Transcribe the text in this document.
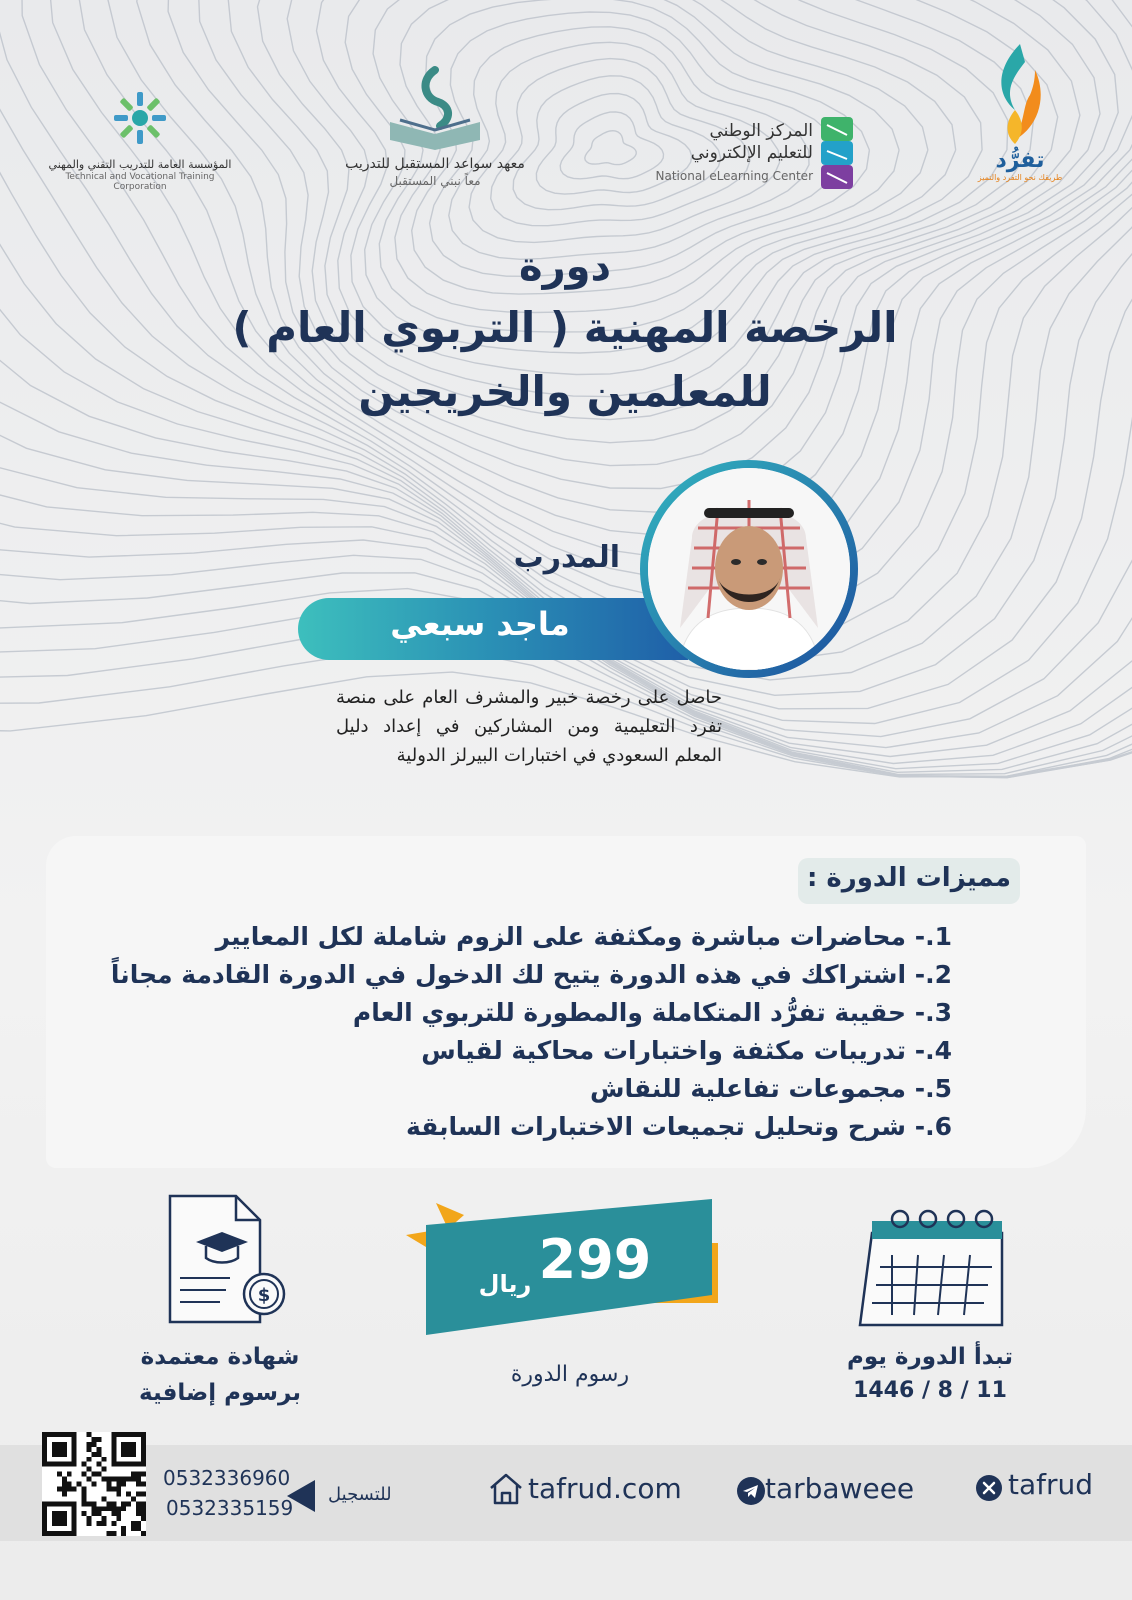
تفرُّد
طريقك نحو التفرد والتميز
المركز الوطني
للتعليم الإلكتروني
National eLearning Center
معهد سواعد المستقبل للتدريب
معاً نبني المستقبل
المؤسسة العامة للتدريب التقني والمهني
Technical and Vocational Training Corporation
دورة
الرخصة المهنية ( التربوي العام )
للمعلمين والخريجين
المدرب
ماجد سبعي
حاصل على رخصة خبير والمشرف العام على منصة تفرد التعليمية ومن المشاركين في إعداد دليل المعلم السعودي في اختبارات البيرلز الدولية
مميزات الدورة :
1.- محاضرات مباشرة ومكثفة على الزوم شاملة لكل المعايير
2.- اشتراكك في هذه الدورة يتيح لك الدخول في الدورة القادمة مجاناً
3.- حقيبة تفرُّد المتكاملة والمطورة للتربوي العام
4.- تدريبات مكثفة واختبارات محاكية لقياس
5.- مجموعات تفاعلية للنقاش
6.- شرح وتحليل تجميعات الاختبارات السابقة
تبدأ الدورة يوم
1446 / 8 / 11
299
ريال
رسوم الدورة
$
شهادة معتمدة
برسوم إضافية
0532336960
0532335159
للتسجيل	tafrud.com	tarbaweee	tafrud
